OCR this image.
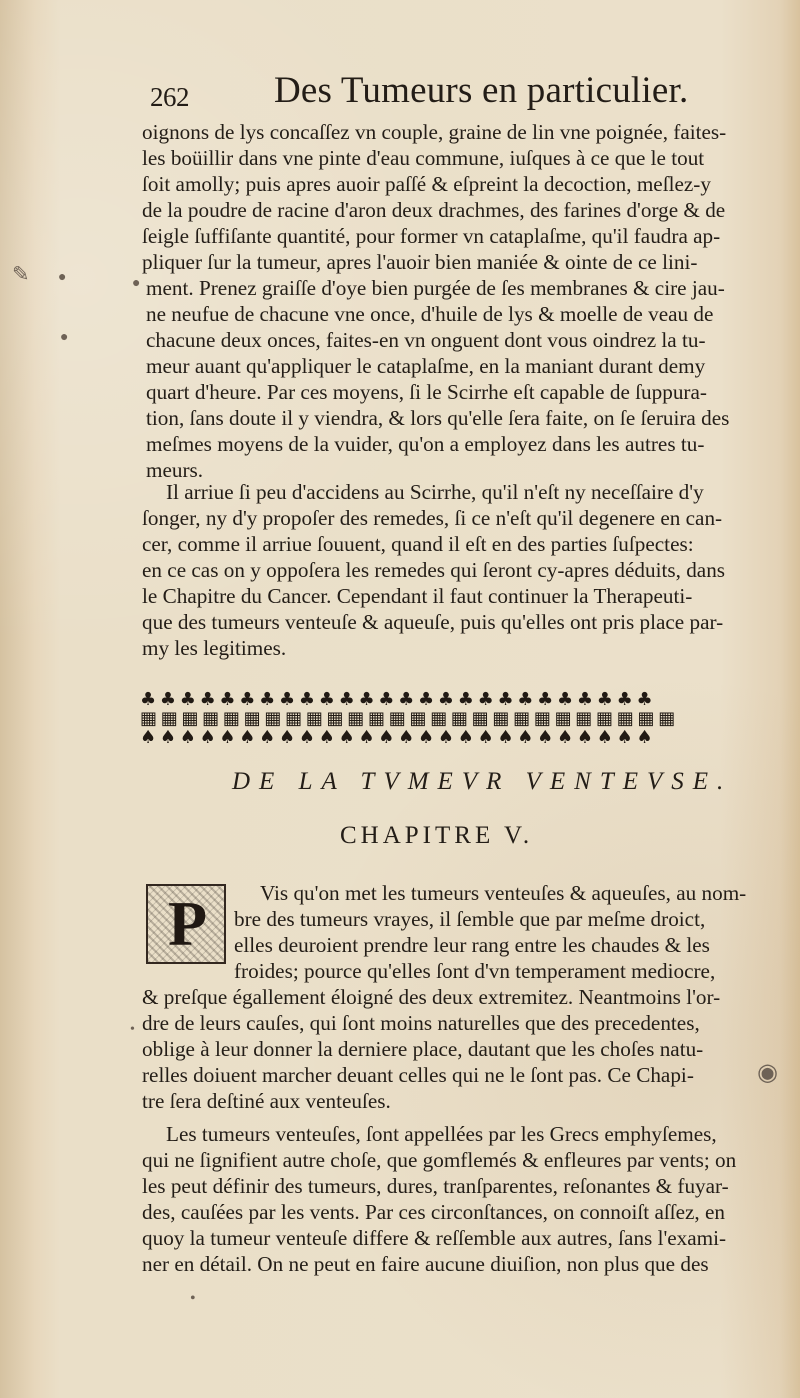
262 Des Tumeurs en particulier.
oignons de lys concaſſez vn couple, graine de lin vne poignée, faites-
les boüillir dans vne pinte d'eau commune, iuſques à ce que le tout
ſoit amolly; puis apres auoir paſſé & eſpreint la decoction, meſlez-y
de la poudre de racine d'aron deux drachmes, des farines d'orge & de
ſeigle ſuffiſante quantité, pour former vn cataplaſme, qu'il faudra ap-
pliquer ſur la tumeur, apres l'auoir bien maniée & ointe de ce lini-
ment. Prenez graiſſe d'oye bien purgée de ſes membranes & cire jau-
ne neufue de chacune vne once, d'huile de lys & moelle de veau de
chacune deux onces, faites-en vn onguent dont vous oindrez la tu-
meur auant qu'appliquer le cataplaſme, en la maniant durant demy
quart d'heure. Par ces moyens, ſi le Scirrhe eſt capable de ſuppura-
tion, ſans doute il y viendra, & lors qu'elle ſera faite, on ſe ſeruira des
meſmes moyens de la vuider, qu'on a employez dans les autres tu-
meurs.
Il arriue ſi peu d'accidens au Scirrhe, qu'il n'eſt ny neceſſaire d'y
ſonger, ny d'y propoſer des remedes, ſi ce n'eſt qu'il degenere en can-
cer, comme il arriue ſouuent, quand il eſt en des parties ſuſpectes:
en ce cas on y oppoſera les remedes qui ſeront cy-apres déduits, dans
le Chapitre du Cancer. Cependant il faut continuer la Therapeuti-
que des tumeurs venteuſe & aqueuſe, puis qu'elles ont pris place par-
my les legitimes.
♣ ♣ ♣ ♣ ♣ ♣ ♣ ♣ ♣ ♣ ♣ ♣ ♣ ♣ ♣ ♣ ♣ ♣ ♣ ♣ ♣ ♣ ♣ ♣ ♣ ♣
▦ ▦ ▦ ▦ ▦ ▦ ▦ ▦ ▦ ▦ ▦ ▦ ▦ ▦ ▦ ▦ ▦ ▦ ▦ ▦ ▦ ▦ ▦ ▦ ▦ ▦
♠ ♠ ♠ ♠ ♠ ♠ ♠ ♠ ♠ ♠ ♠ ♠ ♠ ♠ ♠ ♠ ♠ ♠ ♠ ♠ ♠ ♠ ♠ ♠ ♠ ♠
DE LA TVMEVR VENTEVSE.
CHAPITRE V.
P	Vis qu'on met les tumeurs venteuſes & aqueuſes, au nom-
bre des tumeurs vrayes, il ſemble que par meſme droict,
elles deuroient prendre leur rang entre les chaudes & les
froides; pource qu'elles ſont d'vn temperament mediocre,
& preſque égallement éloigné des deux extremitez. Neantmoins l'or-
dre de leurs cauſes, qui ſont moins naturelles que des precedentes,
oblige à leur donner la derniere place, dautant que les choſes natu-
relles doiuent marcher deuant celles qui ne le ſont pas. Ce Chapi-
tre ſera deſtiné aux venteuſes.
Les tumeurs venteuſes, ſont appellées par les Grecs emphyſemes,
qui ne ſignifient autre choſe, que gomflemés & enfleures par vents; on
les peut définir des tumeurs, dures, tranſparentes, reſonantes & fuyar-
des, cauſées par les vents. Par ces circonſtances, on connoiſt aſſez, en
quoy la tumeur venteuſe differe & reſſemble aux autres, ſans l'exami-
ner en détail. On ne peut en faire aucune diuiſion, non plus que des
✎ ●
●
●
•
◉
•
